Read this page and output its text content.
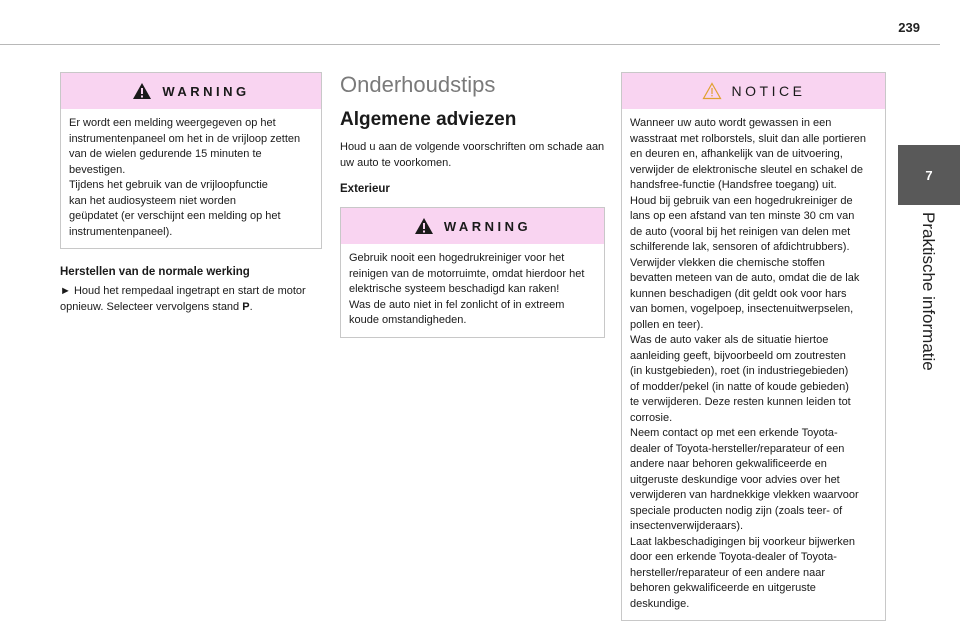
239
7
Praktische informatie
WARNING
Er wordt een melding weergegeven op het
instrumentenpaneel om het in de vrijloop zetten
van de wielen gedurende 15 minuten te
bevestigen.
Tijdens het gebruik van de vrijloopfunctie
kan het audiosysteem niet worden
geüpdatet (er verschijnt een melding op het
instrumentenpaneel).
Herstellen van de normale werking

► Houd het rempedaal ingetrapt en start de motor opnieuw. Selecteer vervolgens stand P.

Onderhoudstips
Algemene adviezen

Houd u aan de volgende voorschriften om schade aan uw auto te voorkomen.

Exterieur
WARNING
Gebruik nooit een hogedrukreiniger voor het
reinigen van de motorruimte, omdat hierdoor het
elektrische systeem beschadigd kan raken!
Was de auto niet in fel zonlicht of in extreem
koude omstandigheden.
NOTICE
Wanneer uw auto wordt gewassen in een
wasstraat met rolborstels, sluit dan alle portieren
en deuren en, afhankelijk van de uitvoering,
verwijder de elektronische sleutel en schakel de
handsfree-functie (Handsfree toegang) uit.
Houd bij gebruik van een hogedrukreiniger de
lans op een afstand van ten minste 30 cm van
de auto (vooral bij het reinigen van delen met
schilferende lak, sensoren of afdichtrubbers).
Verwijder vlekken die chemische stoffen
bevatten meteen van de auto, omdat die de lak
kunnen beschadigen (dit geldt ook voor hars
van bomen, vogelpoep, insectenuitwerpselen,
pollen en teer).
Was de auto vaker als de situatie hiertoe
aanleiding geeft, bijvoorbeeld om zoutresten
(in kustgebieden), roet (in industriegebieden)
of modder/pekel (in natte of koude gebieden)
te verwijderen. Deze resten kunnen leiden tot
corrosie.
Neem contact op met een erkende Toyota-
dealer of Toyota-hersteller/reparateur of een
andere naar behoren gekwalificeerde en
uitgeruste deskundige voor advies over het
verwijderen van hardnekkige vlekken waarvoor
speciale producten nodig zijn (zoals teer- of
insectenverwijderaars).
Laat lakbeschadigingen bij voorkeur bijwerken
door een erkende Toyota-dealer of Toyota-
hersteller/reparateur of een andere naar
behoren gekwalificeerde en uitgeruste
deskundige.
